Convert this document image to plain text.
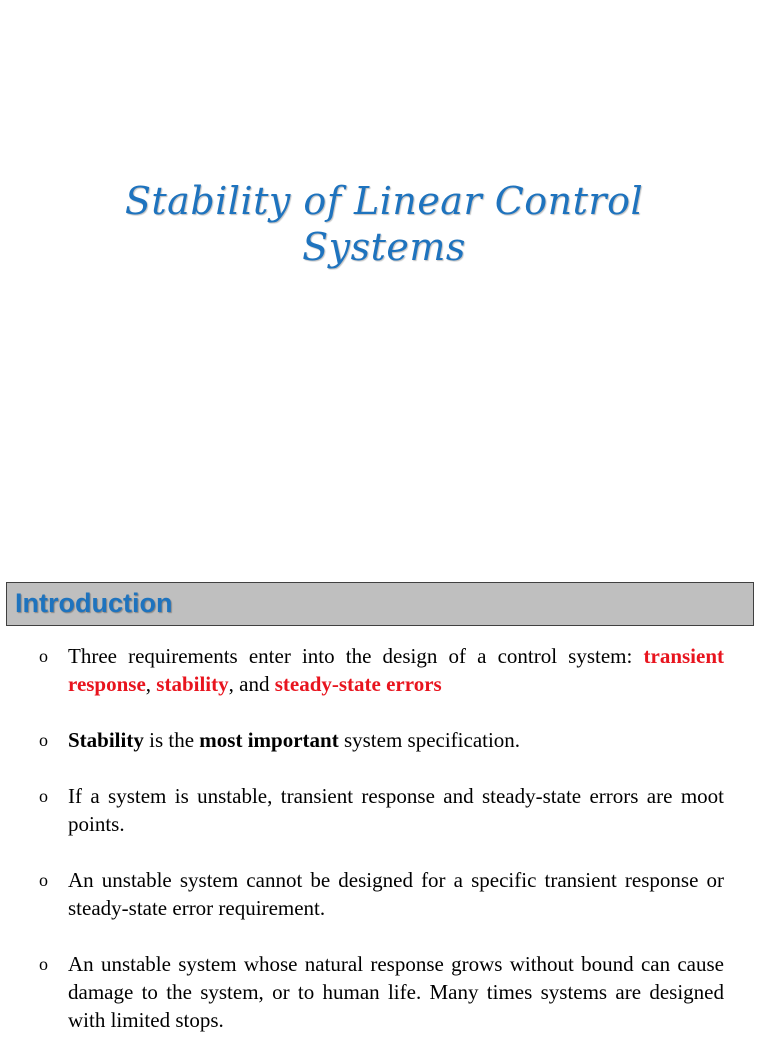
Stability of Linear Control
Systems
Introduction
o Three requirements enter into the design of a control system: transient response, stability, and steady-state errors
o Stability is the most important system specification.
o If a system is unstable, transient response and steady-state errors are moot points.
o An unstable system cannot be designed for a specific transient response or steady-state error requirement.
o An unstable system whose natural response grows without bound can cause damage to the system, or to human life. Many times systems are designed with limited stops.
